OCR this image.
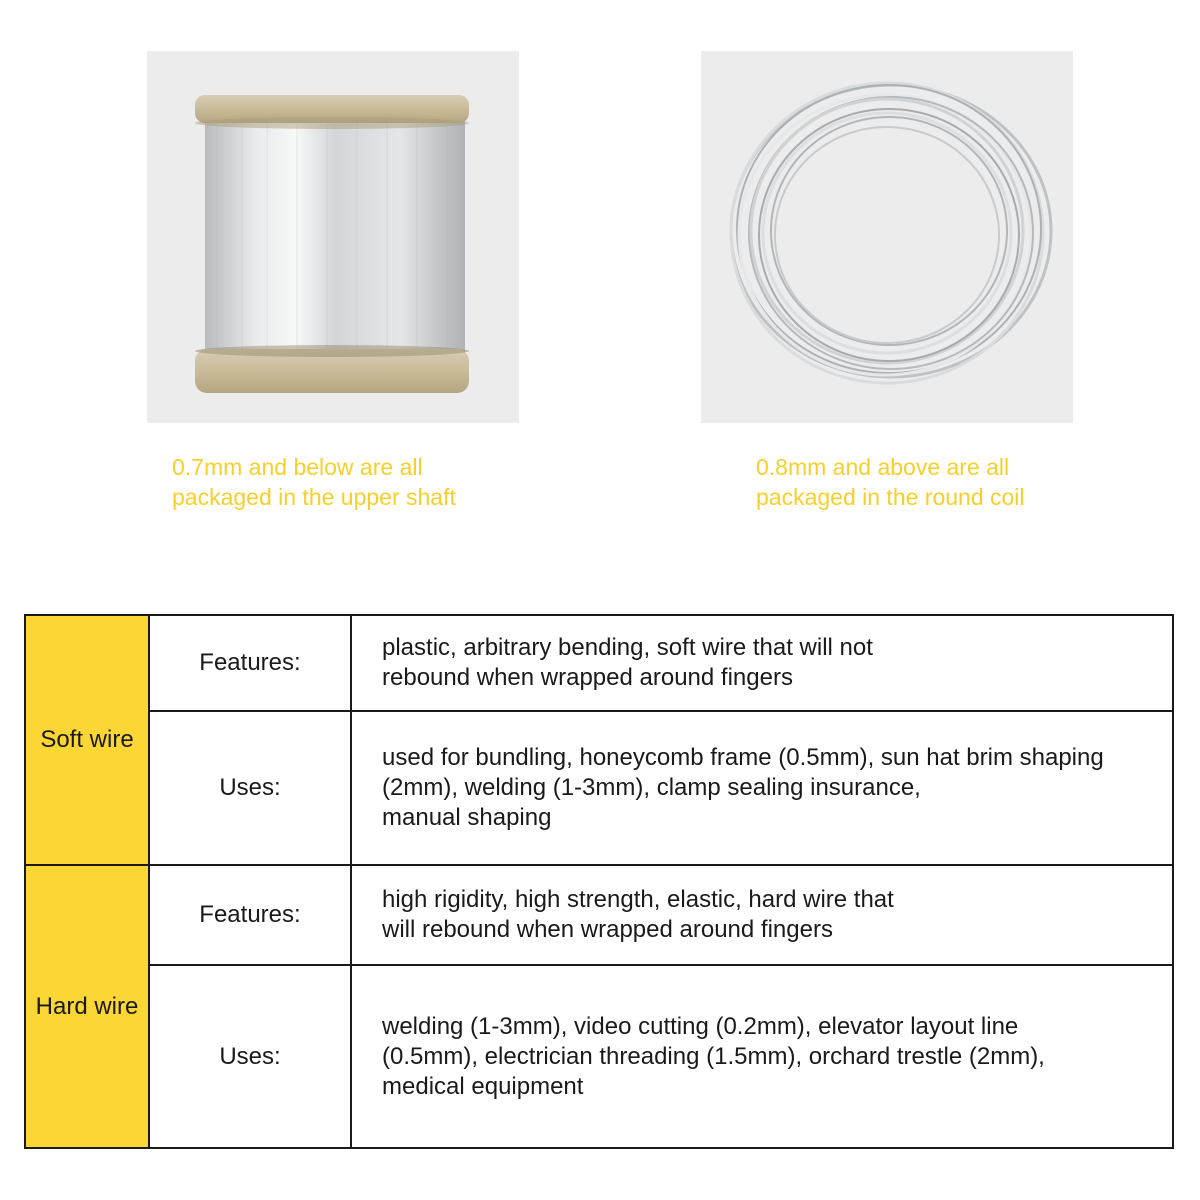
0.7mm and below are all
packaged in the upper shaft
0.8mm and above are all
packaged in the round coil
Soft wire	Features:	plastic, arbitrary bending, soft wire that will not
rebound when wrapped around fingers

	Uses:	used for bundling, honeycomb frame (0.5mm), sun hat brim shaping
(2mm), welding (1-3mm), clamp sealing insurance,
manual shaping

Hard wire	Features:	high rigidity, high strength, elastic, hard wire that
will rebound when wrapped around fingers

	Uses:	welding (1-3mm), video cutting (0.2mm), elevator layout line
(0.5mm), electrician threading (1.5mm), orchard trestle (2mm),
medical equipment
